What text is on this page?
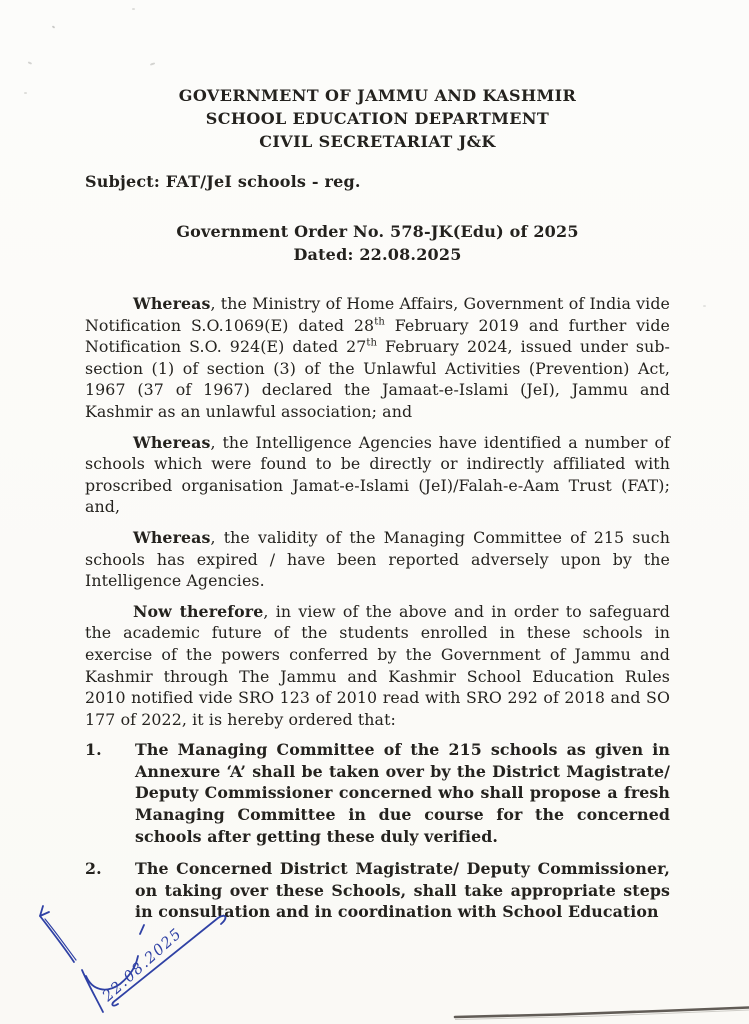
GOVERNMENT OF JAMMU AND KASHMIR
SCHOOL EDUCATION DEPARTMENT
CIVIL SECRETARIAT J&K
Subject: FAT/JeI schools - reg.
Government Order No. 578-JK(Edu) of 2025
Dated: 22.08.2025

Whereas, the Ministry of Home Affairs, Government of India vide Notification S.O.1069(E) dated 28th February 2019 and further vide Notification S.O. 924(E) dated 27th February 2024, issued under sub-section (1) of section (3) of the Unlawful Activities (Prevention) Act, 1967 (37 of 1967) declared the Jamaat-e-Islami (JeI), Jammu and Kashmir as an unlawful association; and

Whereas, the Intelligence Agencies have identified a number of schools which were found to be directly or indirectly affiliated with proscribed organisation Jamat-e-Islami (JeI)/Falah-e-Aam Trust (FAT); and,

Whereas, the validity of the Managing Committee of 215 such schools has expired / have been reported adversely upon by the Intelligence Agencies.

Now therefore, in view of the above and in order to safeguard the academic future of the students enrolled in these schools in exercise of the powers conferred by the Government of Jammu and Kashmir through The Jammu and Kashmir School Education Rules 2010 notified vide SRO 123 of 2010 read with SRO 292 of 2018 and SO 177 of 2022, it is hereby ordered that:

1.	The Managing Committee of the 215 schools as given in Annexure ‘A’ shall be taken over by the District Magistrate/ Deputy Commissioner concerned who shall propose a fresh Managing Committee in due course for the concerned schools after getting these duly verified.
2.	The Concerned District Magistrate/ Deputy Commissioner, on taking over these Schools, shall take appropriate steps in consultation and in coordination with School Education
22.08.2025
